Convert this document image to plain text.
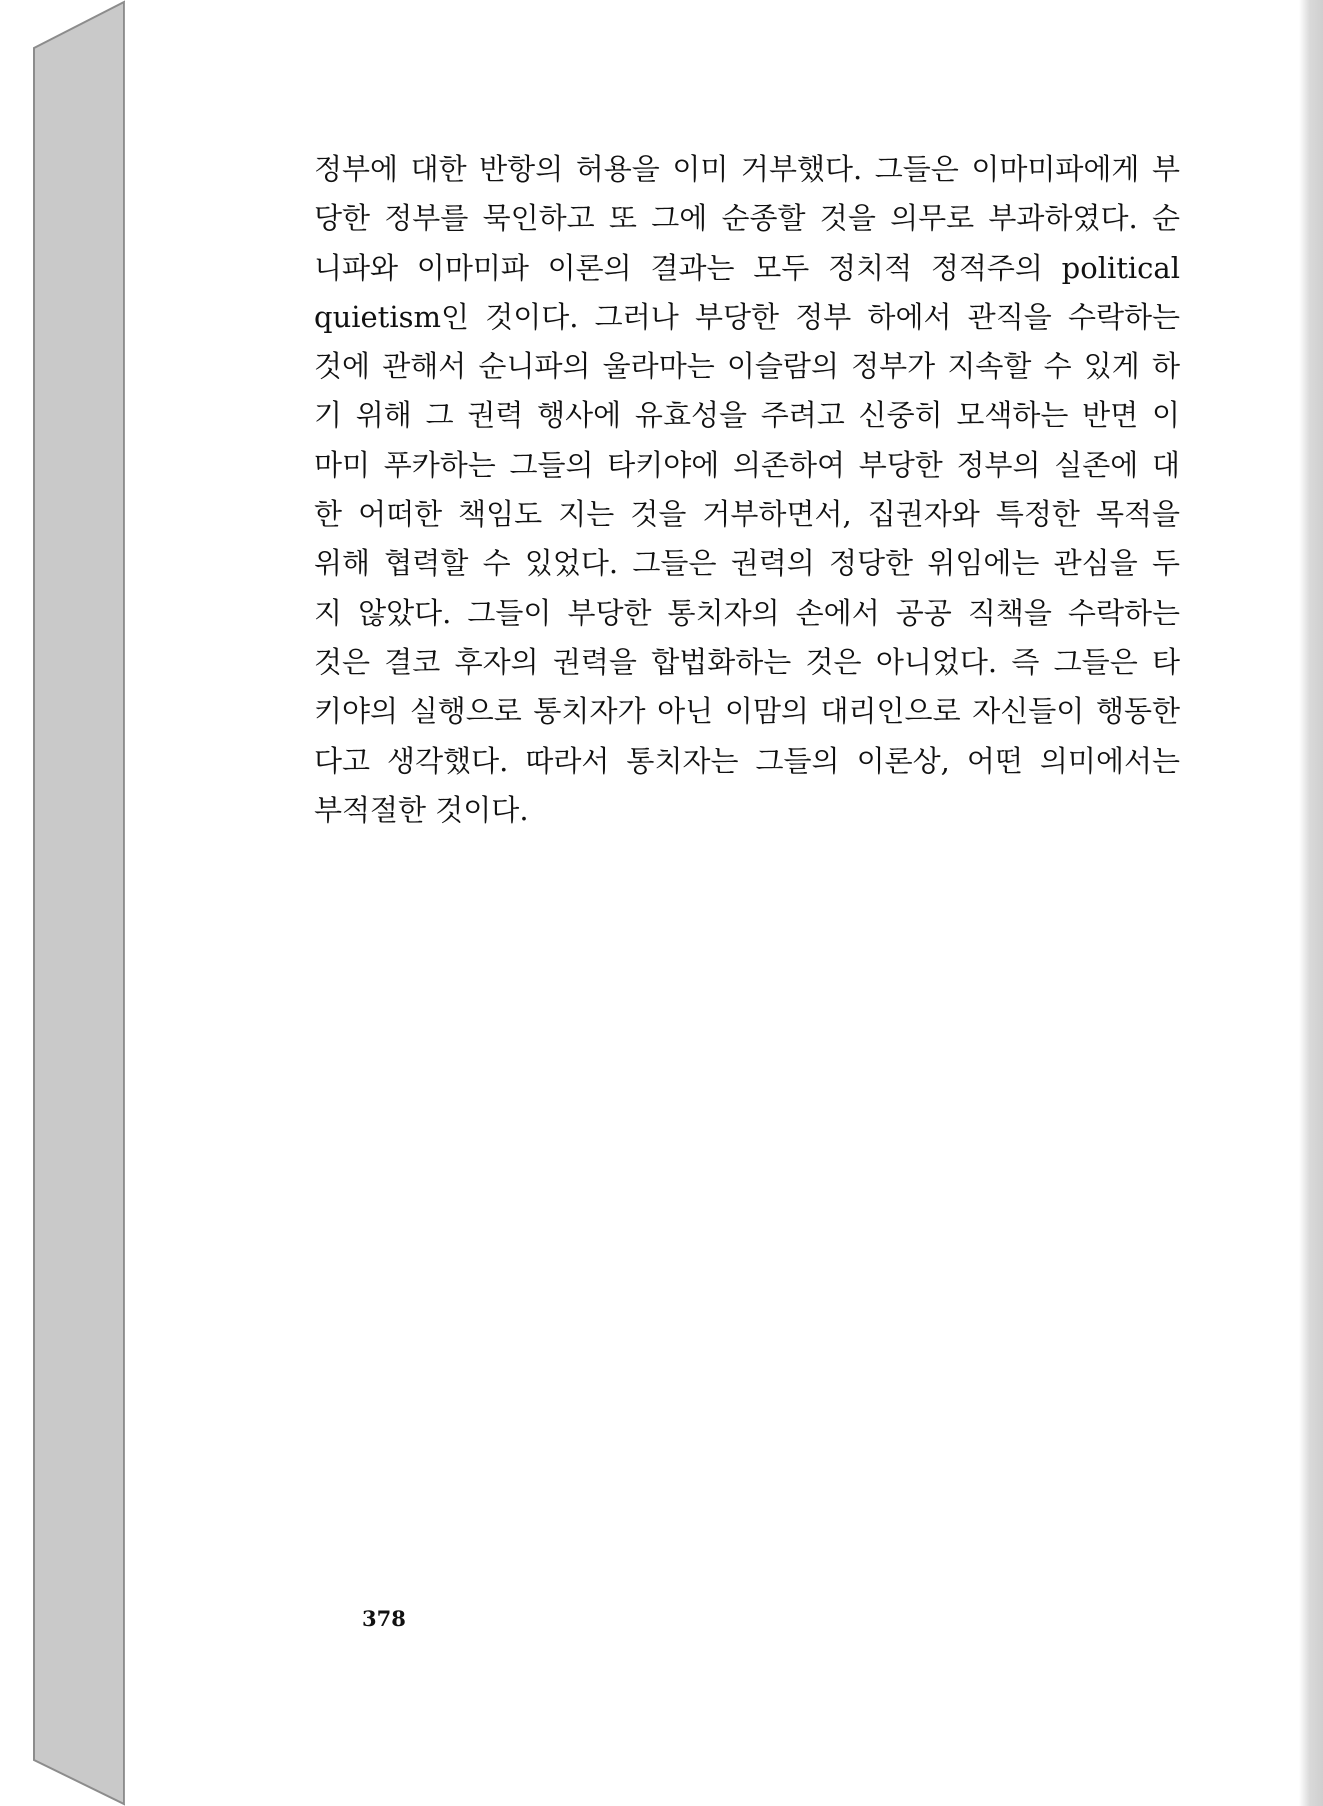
정부에 대한 반항의 허용을 이미 거부했다. 그들은 이마미파에게 부
당한 정부를 묵인하고 또 그에 순종할 것을 의무로 부과하였다. 순
니파와 이마미파 이론의 결과는 모두 정치적 정적주의 political
quietism인 것이다. 그러나 부당한 정부 하에서 관직을 수락하는
것에 관해서 순니파의 울라마는 이슬람의 정부가 지속할 수 있게 하
기 위해 그 권력 행사에 유효성을 주려고 신중히 모색하는 반면 이
마미 푸카하는 그들의 타키야에 의존하여 부당한 정부의 실존에 대
한 어떠한 책임도 지는 것을 거부하면서, 집권자와 특정한 목적을
위해 협력할 수 있었다. 그들은 권력의 정당한 위임에는 관심을 두
지 않았다. 그들이 부당한 통치자의 손에서 공공 직책을 수락하는
것은 결코 후자의 권력을 합법화하는 것은 아니었다. 즉 그들은 타
키야의 실행으로 통치자가 아닌 이맘의 대리인으로 자신들이 행동한
다고 생각했다. 따라서 통치자는 그들의 이론상, 어떤 의미에서는
부적절한 것이다.
378
